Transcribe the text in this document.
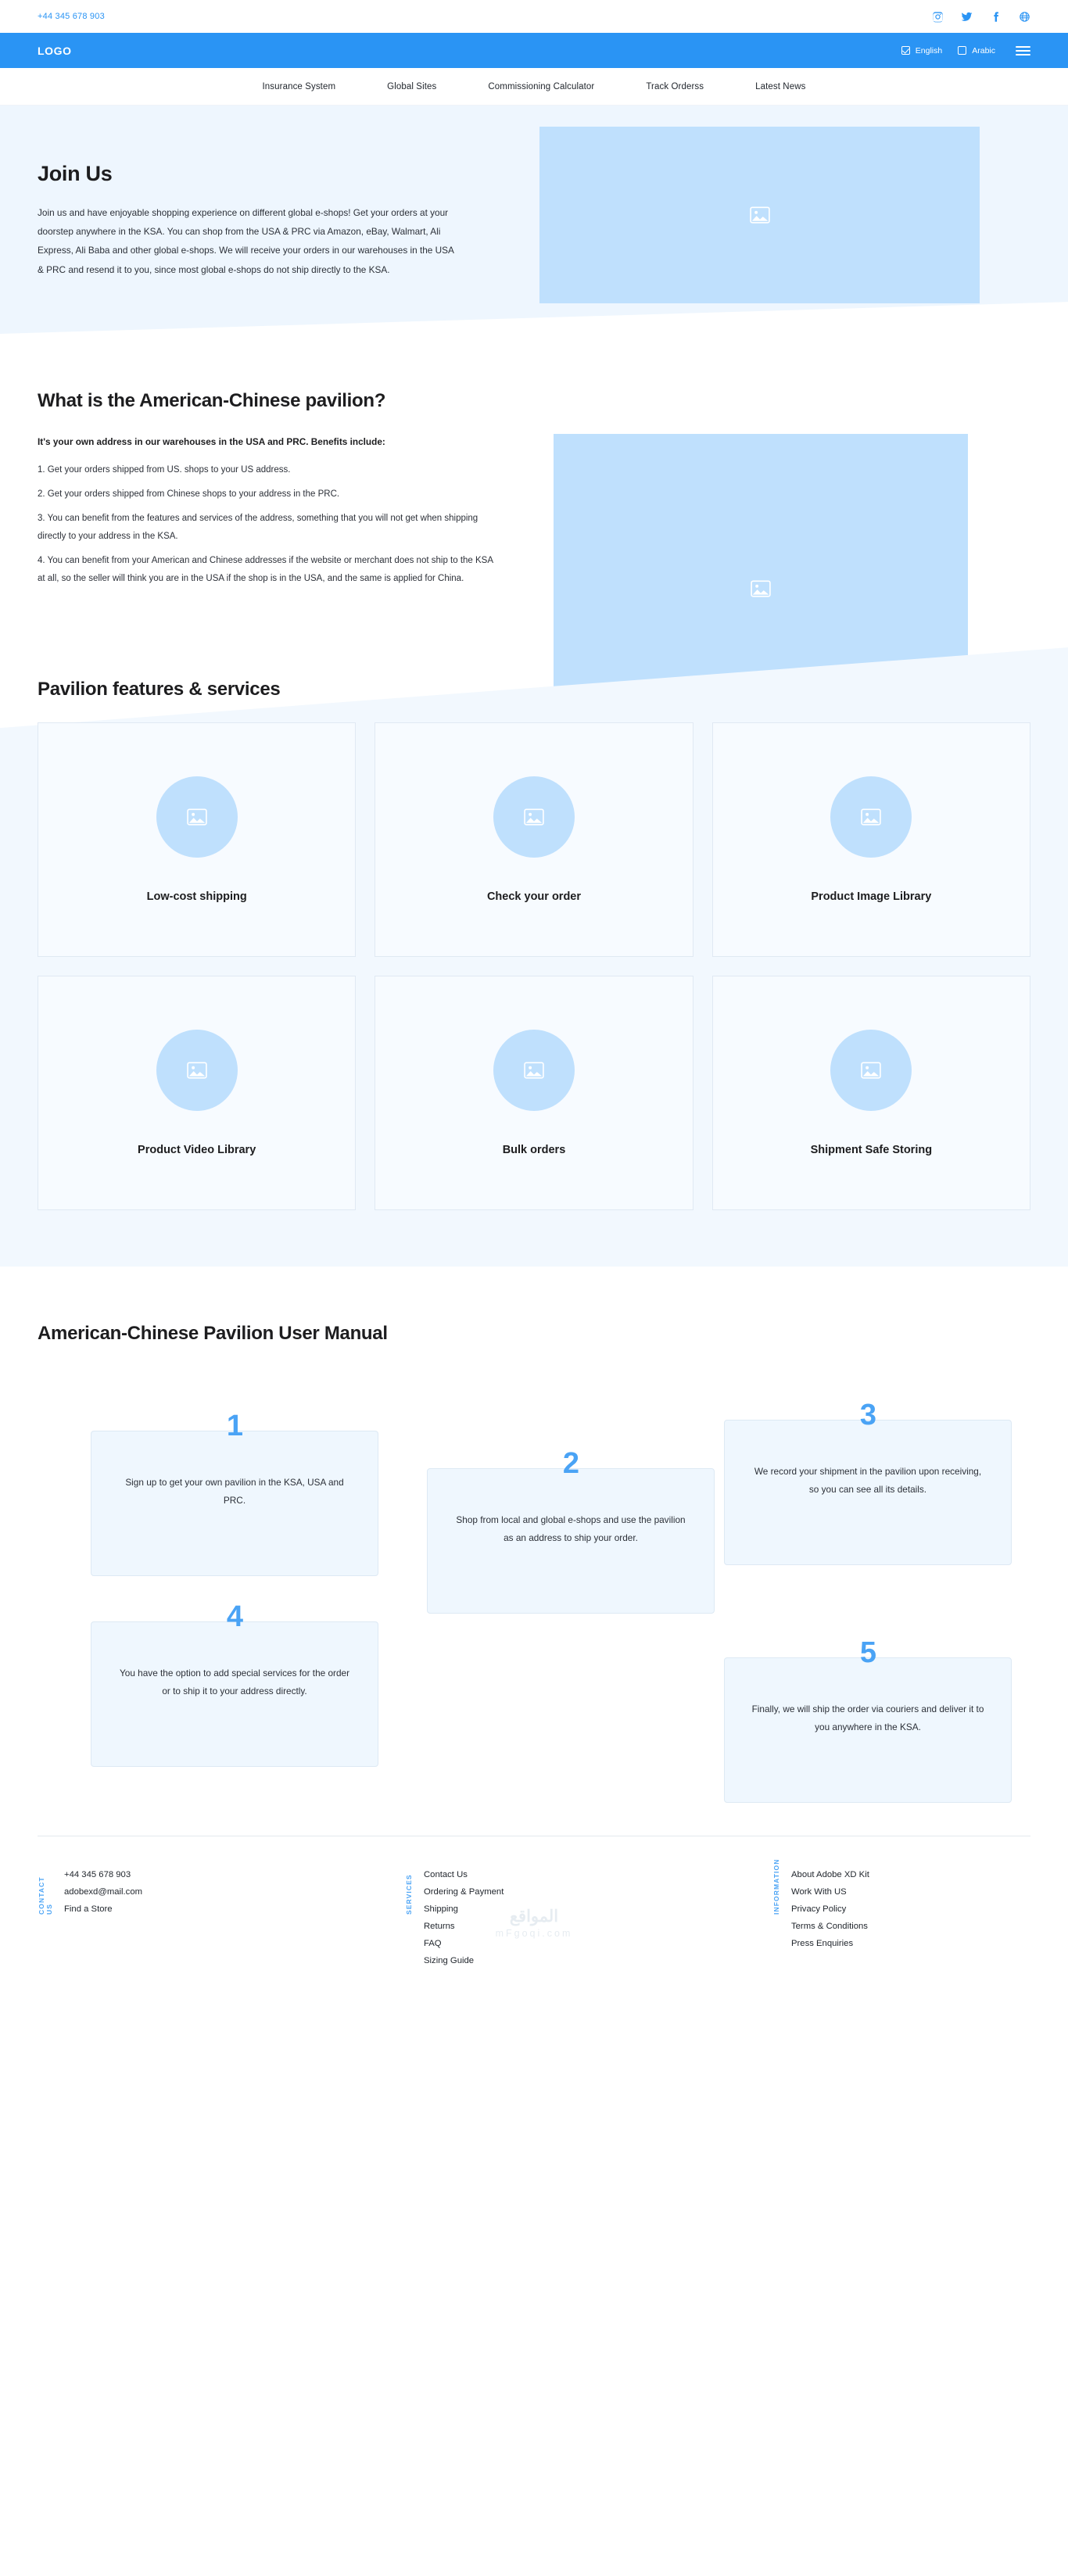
+44 345 678 903
LOGO	English	Arabic
Insurance System	Global Sites	Commissioning Calculator	Track Orderss	Latest News
Join Us

Join us and have enjoyable shopping experience on different global e-shops! Get your orders at your doorstep anywhere in the KSA. You can shop from the USA & PRC via Amazon, eBay, Walmart, Ali Express, Ali Baba and other global e-shops. We will receive your orders in our warehouses in the USA & PRC and resend it to you, since most global e-shops do not ship directly to the KSA.

What is the American-Chinese pavilion?

It's your own address in our warehouses in the USA and PRC. Benefits include:

1. Get your orders shipped from US. shops to your US address.

2. Get your orders shipped from Chinese shops to your address in the PRC.

3. You can benefit from the features and services of the address, something that you will not get when shipping directly to your address in the KSA.

4. You can benefit from your American and Chinese addresses if the website or merchant does not ship to the KSA at all, so the seller will think you are in the USA if the shop is in the USA, and the same is applied for China.

Pavilion features & services
Low-cost shipping	Check your order	Product Image Library
Product Video Library	Bulk orders	Shipment Safe Storing
American-Chinese Pavilion User Manual
1
Sign up to get your own pavilion in the KSA, USA and PRC.
2
Shop from local and global e-shops and use the pavilion as an address to ship your order.
3
We record your shipment in the pavilion upon receiving, so you can see all its details.
4
You have the option to add special services for the order or to ship it to your address directly.
5
Finally, we will ship the order via couriers and deliver it to you anywhere in the KSA.
CONTACT US

+44 345 678 903

adobexd@mail.com

Find a Store	SERVICES Contact Us

Ordering & Payment

Shipping

Returns

FAQ

Sizing Guide

INFORMATION About Adobe XD Kit

Work With US

Privacy Policy

Terms & Conditions

Press Enquiries

المواقع
mFgoqi.com
